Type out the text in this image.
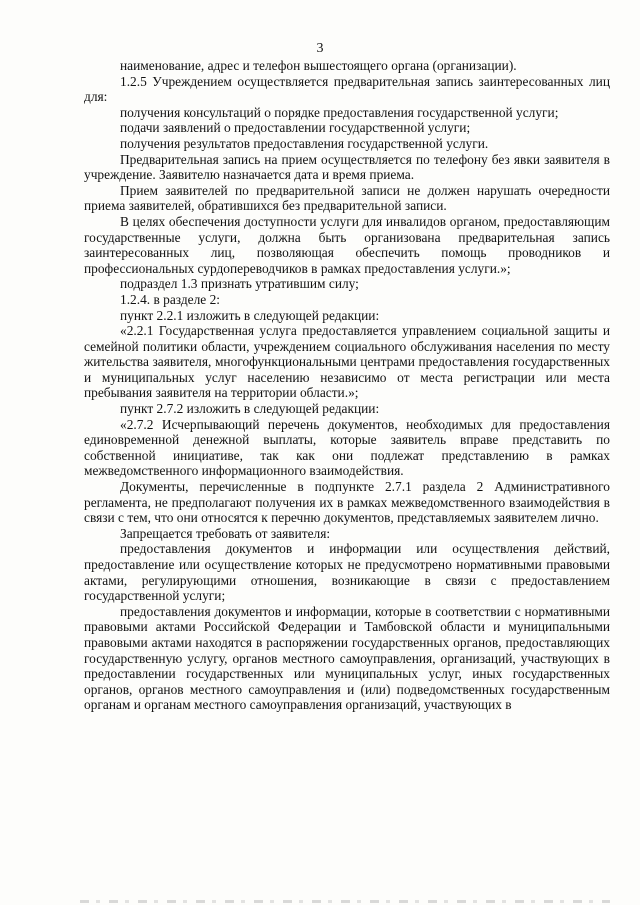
3

наименование, адрес и телефон вышестоящего органа (организации).

1.2.5 Учреждением осуществляется предварительная запись заинтересованных лиц для:

получения консультаций о порядке предоставления государственной услуги;

подачи заявлений о предоставлении государственной услуги;

получения результатов предоставления государственной услуги.

Предварительная запись на прием осуществляется по телефону без явки заявителя в учреждение. Заявителю назначается дата и время приема.

Прием заявителей по предварительной записи не должен нарушать очередности приема заявителей, обратившихся без предварительной записи.

В целях обеспечения доступности услуги для инвалидов органом, предоставляющим государственные услуги, должна быть организована предварительная запись заинтересованных лиц, позволяющая обеспечить помощь проводников и профессиональных сурдопереводчиков в рамках предоставления услуги.»;

подраздел 1.3 признать утратившим силу;

1.2.4. в разделе 2:

пункт 2.2.1 изложить в следующей редакции:

«2.2.1 Государственная услуга предоставляется управлением социальной защиты и семейной политики области, учреждением социального обслуживания населения по месту жительства заявителя, многофункциональными центрами предоставления государственных и муниципальных услуг населению независимо от места регистрации или места пребывания заявителя на территории области.»;

пункт 2.7.2 изложить в следующей редакции:

«2.7.2 Исчерпывающий перечень документов, необходимых для предоставления единовременной денежной выплаты, которые заявитель вправе представить по собственной инициативе, так как они подлежат представлению в рамках межведомственного информационного взаимодействия.

Документы, перечисленные в подпункте 2.7.1 раздела 2 Административного регламента, не предполагают получения их в рамках межведомственного взаимодействия в связи с тем, что они относятся к перечню документов, представляемых заявителем лично.

Запрещается требовать от заявителя:

предоставления документов и информации или осуществления действий, предоставление или осуществление которых не предусмотрено нормативными правовыми актами, регулирующими отношения, возникающие в связи с предоставлением государственной услуги;

предоставления документов и информации, которые в соответствии с нормативными правовыми актами Российской Федерации и Тамбовской области и муниципальными правовыми актами находятся в распоряжении государственных органов, предоставляющих государственную услугу, органов местного самоуправления, организаций, участвующих в предоставлении государственных или муниципальных услуг, иных государственных органов, органов местного самоуправления и (или) подведомственных государственным органам и органам местного самоуправления организаций, участвующих в
